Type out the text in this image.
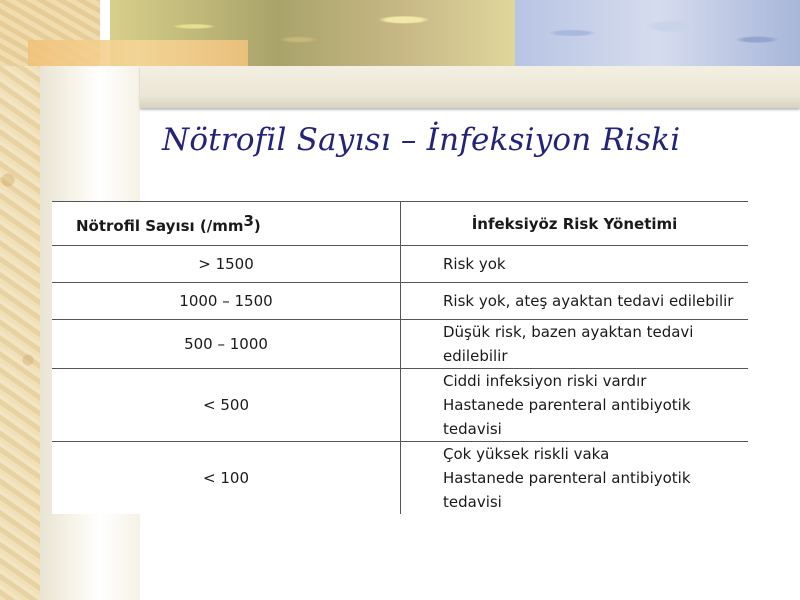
Nötrofil Sayısı – İnfeksiyon Riski
Nötrofil Sayısı $(/mm^3)$	İnfeksiyöz Risk Yönetimi
> 1500	Risk yok

1000 – 1500	Risk yok, ateş ayaktan tedavi edilebilir

500 – 1000	Düşük risk, bazen ayaktan tedavi edilebilir

< 500	Ciddi infeksiyon riski vardır
Hastanede parenteral antibiyotik tedavisi

< 100	Çok yüksek riskli vaka
Hastanede parenteral antibiyotik tedavisi
